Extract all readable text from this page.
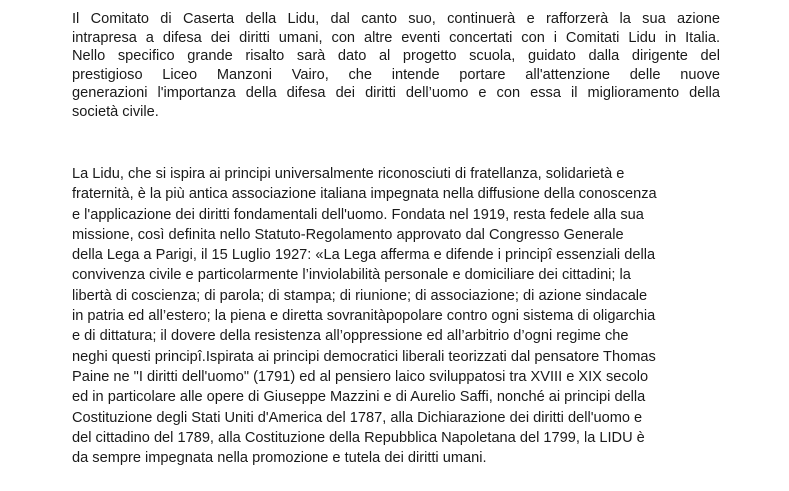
Il Comitato di Caserta della Lidu, dal canto suo, continuerà e rafforzerà la sua azione
intrapresa a difesa dei diritti umani, con altre eventi concertati con i Comitati Lidu in Italia.
Nello specifico grande risalto sarà dato al progetto scuola, guidato dalla dirigente del
prestigioso Liceo Manzoni Vairo, che intende portare all'attenzione delle nuove
generazioni l'importanza della difesa dei diritti dell’uomo e con essa il miglioramento della
società civile.

La Lidu, che si ispira ai principi universalmente riconosciuti di fratellanza, solidarietà e
fraternità, è la più antica associazione italiana impegnata nella diffusione della conoscenza
e l'applicazione dei diritti fondamentali dell'uomo. Fondata nel 1919, resta fedele alla sua
missione, così definita nello Statuto-Regolamento approvato dal Congresso Generale
della Lega a Parigi, il 15 Luglio 1927: «La Lega afferma e difende i principî essenziali della
convivenza civile e particolarmente l’inviolabilità personale e domiciliare dei cittadini; la
libertà di coscienza; di parola; di stampa; di riunione; di associazione; di azione sindacale
in patria ed all’estero; la piena e diretta sovranitàpopolare contro ogni sistema di oligarchia
e di dittatura; il dovere della resistenza all’oppressione ed all’arbitrio d’ogni regime che
neghi questi principî.Ispirata ai principi democratici liberali teorizzati dal pensatore Thomas
Paine ne "I diritti dell'uomo" (1791) ed al pensiero laico sviluppatosi tra XVIII e XIX secolo
ed in particolare alle opere di Giuseppe Mazzini e di Aurelio Saffi, nonché ai principi della
Costituzione degli Stati Uniti d'America del 1787, alla Dichiarazione dei diritti dell'uomo e
del cittadino del 1789, alla Costituzione della Repubblica Napoletana del 1799, la LIDU è
da sempre impegnata nella promozione e tutela dei diritti umani.
